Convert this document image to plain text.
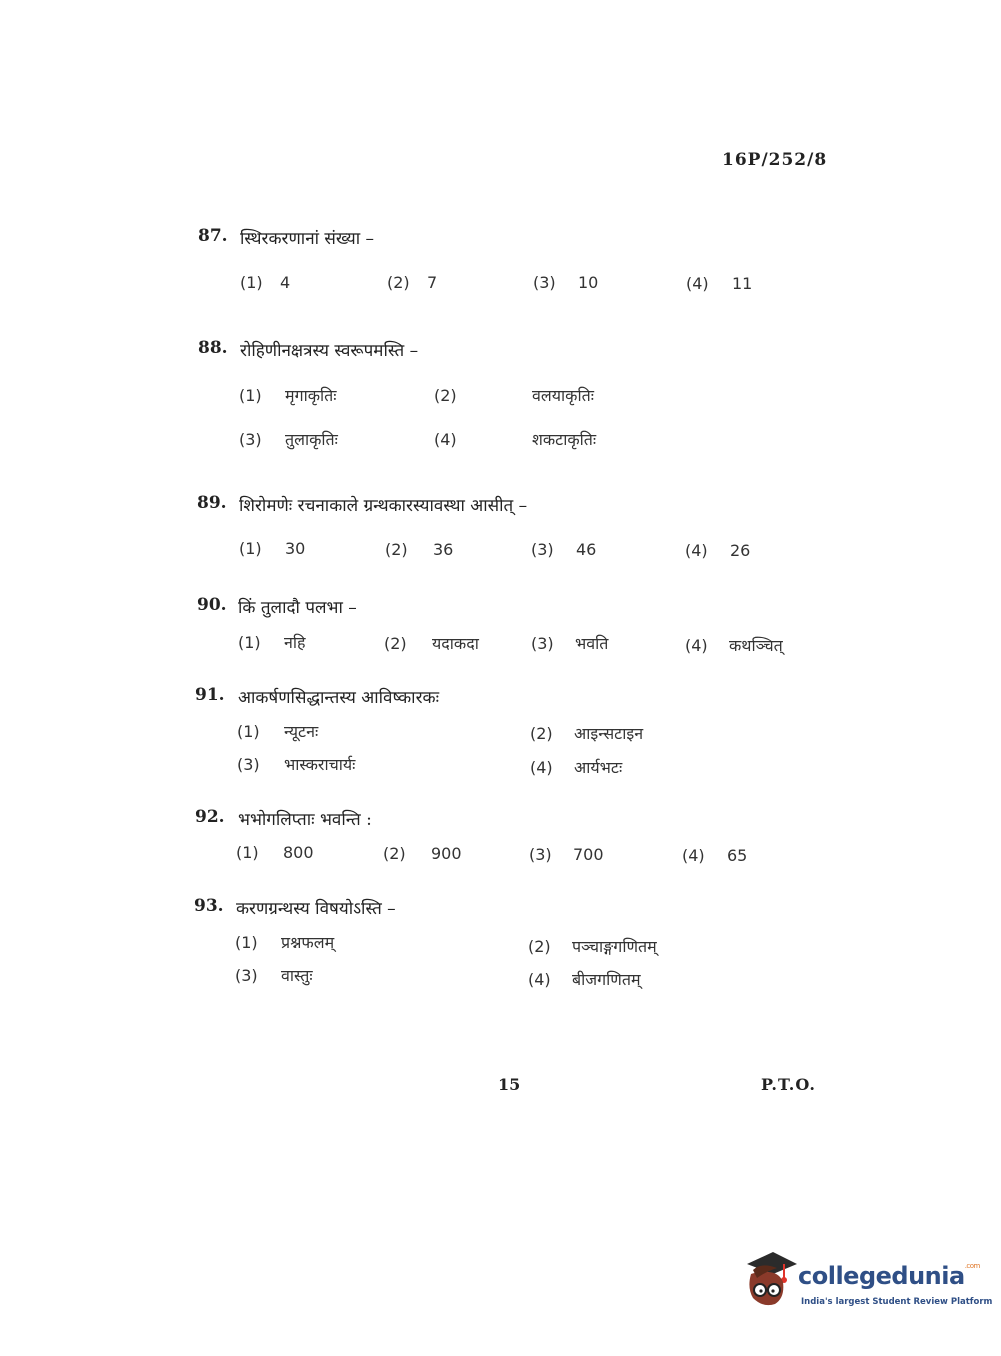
16P/252/8
87. स्थिरकरणानां संख्या –
(1) 4	(2) 7	(3) 10	(4) 11
88. रोहिणीनक्षत्रस्य स्वरूपमस्ति –
(1) मृगाकृतिः	(2)	वलयाकृतिः
(3) तुलाकृतिः	(4)	शकटाकृतिः
89. शिरोमणेः रचनाकाले ग्रन्थकारस्यावस्था आसीत् –
(1) 30	(2) 36	(3) 46	(4) 26
90. किं तुलादौ पलभा –
(1) नहि	(2) यदाकदा	(3) भवति	(4) कथञ्चित्
91. आकर्षणसिद्धान्तस्य आविष्कारकः
(1) न्यूटनः	(2) आइन्सटाइन
(3) भास्कराचार्यः	(4) आर्यभटः
92. भभोगलिप्ताः भवन्ति :
(1) 800	(2) 900	(3) 700	(4) 65
93. करणग्रन्थस्य विषयोऽस्ति –
(1) प्रश्नफलम्	(2) पञ्चाङ्गगणितम्
(3) वास्तुः	(4) बीजगणितम्
15	P.T.O.
collegedunia$^{.com}$
India's largest Student Review Platform
